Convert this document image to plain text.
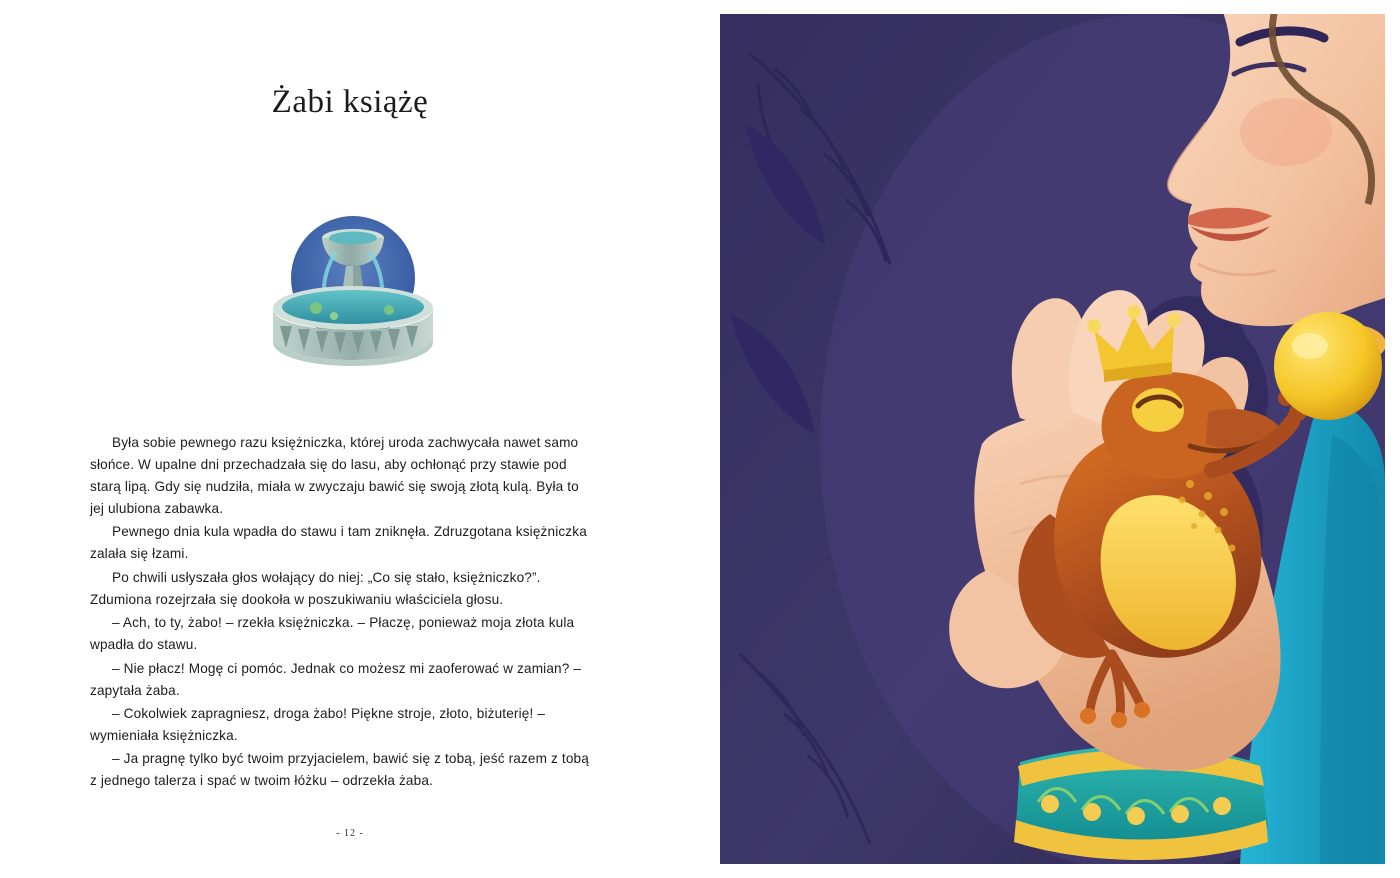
Żabi książę

Była sobie pewnego razu księżniczka, której uroda zachwycała nawet samo słońce. W upalne dni przechadzała się do lasu, aby ochłonąć przy stawie pod starą lipą. Gdy się nudziła, miała w zwyczaju bawić się swoją złotą kulą. Była to jej ulubiona zabawka.

Pewnego dnia kula wpadła do stawu i tam zniknęła. Zdruzgotana księżniczka zalała się łzami.

Po chwili usłyszała głos wołający do niej: „Co się stało, księżniczko?”. Zdumiona rozejrzała się dookoła w poszukiwaniu właściciela głosu.

– Ach, to ty, żabo! – rzekła księżniczka. – Płaczę, ponieważ moja złota kula wpadła do stawu.

– Nie płacz! Mogę ci pomóc. Jednak co możesz mi zaoferować w zamian? – zapytała żaba.

– Cokolwiek zapragniesz, droga żabo! Piękne stroje, złoto, biżuterię! – wymieniała księżniczka.

– Ja pragnę tylko być twoim przyjacielem, bawić się z tobą, jeść razem z tobą z jednego talerza i spać w twoim łóżku – odrzekła żaba.

- 12 -
